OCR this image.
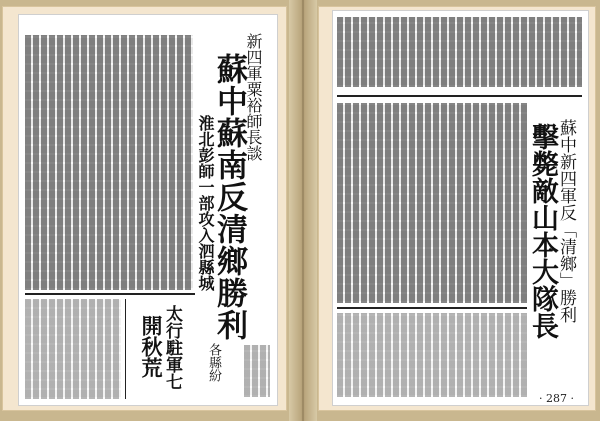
新四軍粟裕師長談
蘇中蘇南反清鄉勝利
淮北彭師一部攻入泗縣城
太行駐軍七
開秋荒	各縣紛
蘇中新四軍反「清鄉」勝利
擊斃敵山本大隊長
· 287 ·
